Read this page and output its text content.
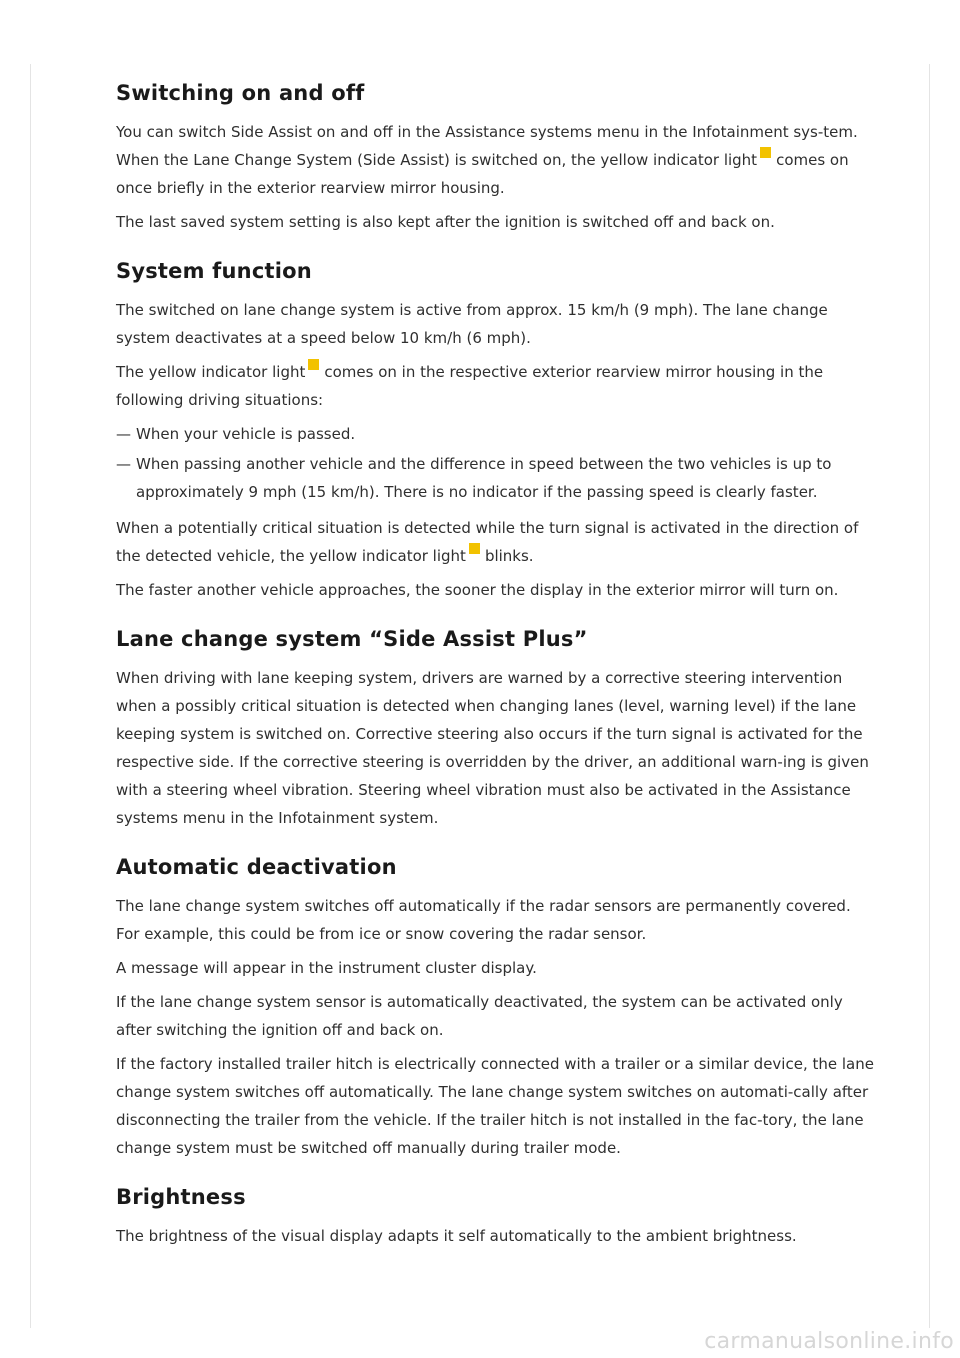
Switching on and off

You can switch Side Assist on and off in the Assistance systems menu in the Infotainment sys-tem. When the Lane Change System (Side Assist) is switched on, the yellow indicator light comes on once briefly in the exterior rearview mirror housing.

The last saved system setting is also kept after the ignition is switched off and back on.

System function

The switched on lane change system is active from approx. 15 km/h (9 mph). The lane change system deactivates at a speed below 10 km/h (6 mph).

The yellow indicator light comes on in the respective exterior rearview mirror housing in the following driving situations:

— When your vehicle is passed.
— When passing another vehicle and the difference in speed between the two vehicles is up to approximately 9 mph (15 km/h). There is no indicator if the passing speed is clearly faster.

When a potentially critical situation is detected while the turn signal is activated in the direction of the detected vehicle, the yellow indicator light blinks.

The faster another vehicle approaches, the sooner the display in the exterior mirror will turn on.

Lane change system “Side Assist Plus”

When driving with lane keeping system, drivers are warned by a corrective steering intervention when a possibly critical situation is detected when changing lanes (level, warning level) if the lane keeping system is switched on. Corrective steering also occurs if the turn signal is activated for the respective side. If the corrective steering is overridden by the driver, an additional warn-ing is given with a steering wheel vibration. Steering wheel vibration must also be activated in the Assistance systems menu in the Infotainment system.

Automatic deactivation

The lane change system switches off automatically if the radar sensors are permanently covered. For example, this could be from ice or snow covering the radar sensor.

A message will appear in the instrument cluster display.

If the lane change system sensor is automatically deactivated, the system can be activated only after switching the ignition off and back on.

If the factory installed trailer hitch is electrically connected with a trailer or a similar device, the lane change system switches off automatically. The lane change system switches on automati-cally after disconnecting the trailer from the vehicle. If the trailer hitch is not installed in the fac-tory, the lane change system must be switched off manually during trailer mode.

Brightness

The brightness of the visual display adapts it self automatically to the ambient brightness.

carmanualsonline.info
